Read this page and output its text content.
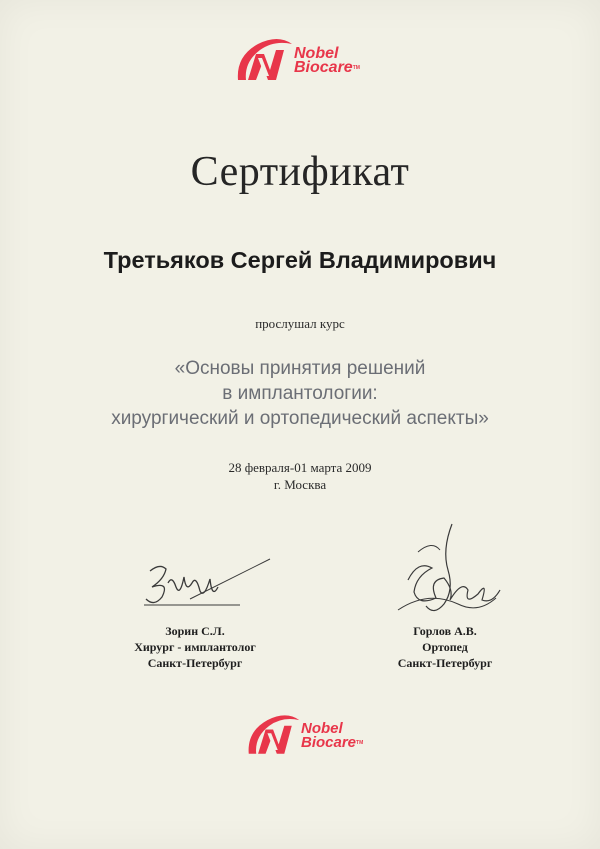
Nobel
Biocare™
Сертификат
Третьяков Сергей Владимирович
прослушал курс
«Основы принятия решений
в имплантологии:
хирургический и ортопедический аспекты»
28 февраля-01 марта 2009
г. Москва
Зорин С.Л.
Хирург - имплантолог
Санкт-Петербург
Горлов А.В.
Ортопед
Санкт-Петербург
Nobel
Biocare™
